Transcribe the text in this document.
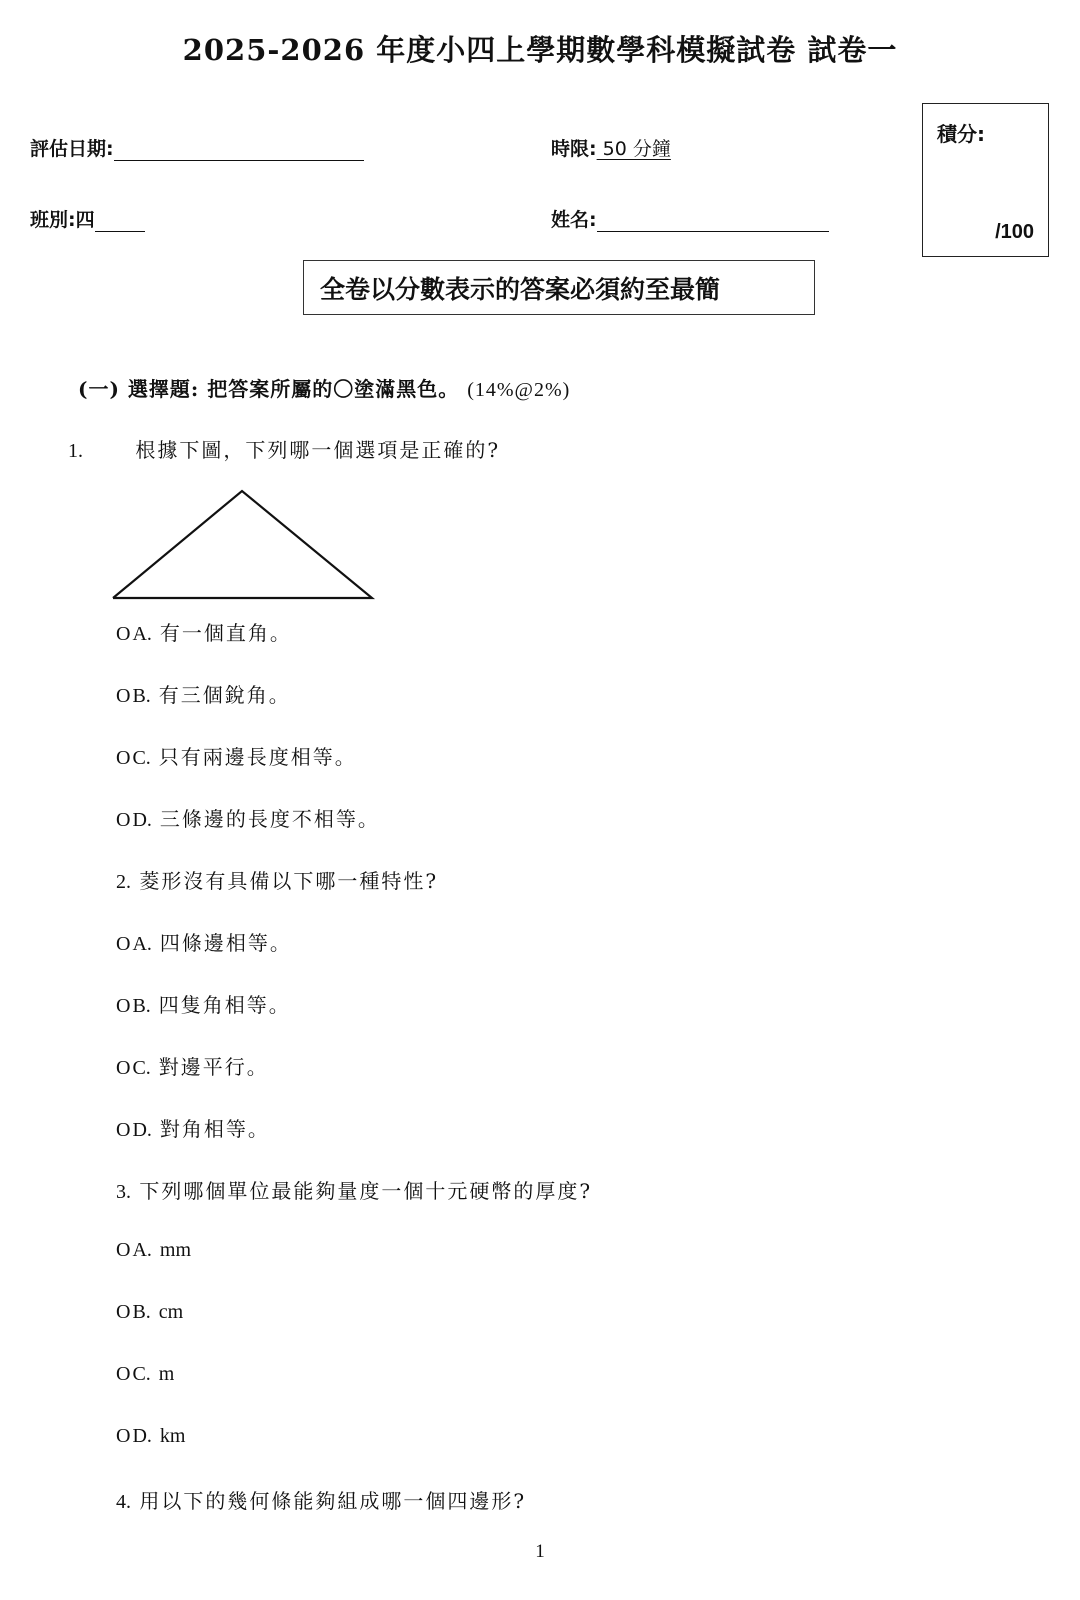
2025-2026 年度小四上學期數學科模擬試卷 試卷一
評估日期:	時限: 50 分鐘
班別:四	姓名:
積分:
/100
全卷以分數表示的答案必須約至最簡
(一) 選擇題: 把答案所屬的〇塗滿黑色。 (14%@2%)
1.	根據下圖，下列哪一個選項是正確的?
O A. 有一個直角。
O B. 有三個銳角。
O C. 只有兩邊長度相等。
O D. 三條邊的長度不相等。
2. 菱形沒有具備以下哪一種特性?
O A. 四條邊相等。
O B. 四隻角相等。
O C. 對邊平行。
O D. 對角相等。
3. 下列哪個單位最能夠量度一個十元硬幣的厚度?
O A. mm
O B. cm
O C. m
O D. km
4. 用以下的幾何條能夠組成哪一個四邊形?
1
